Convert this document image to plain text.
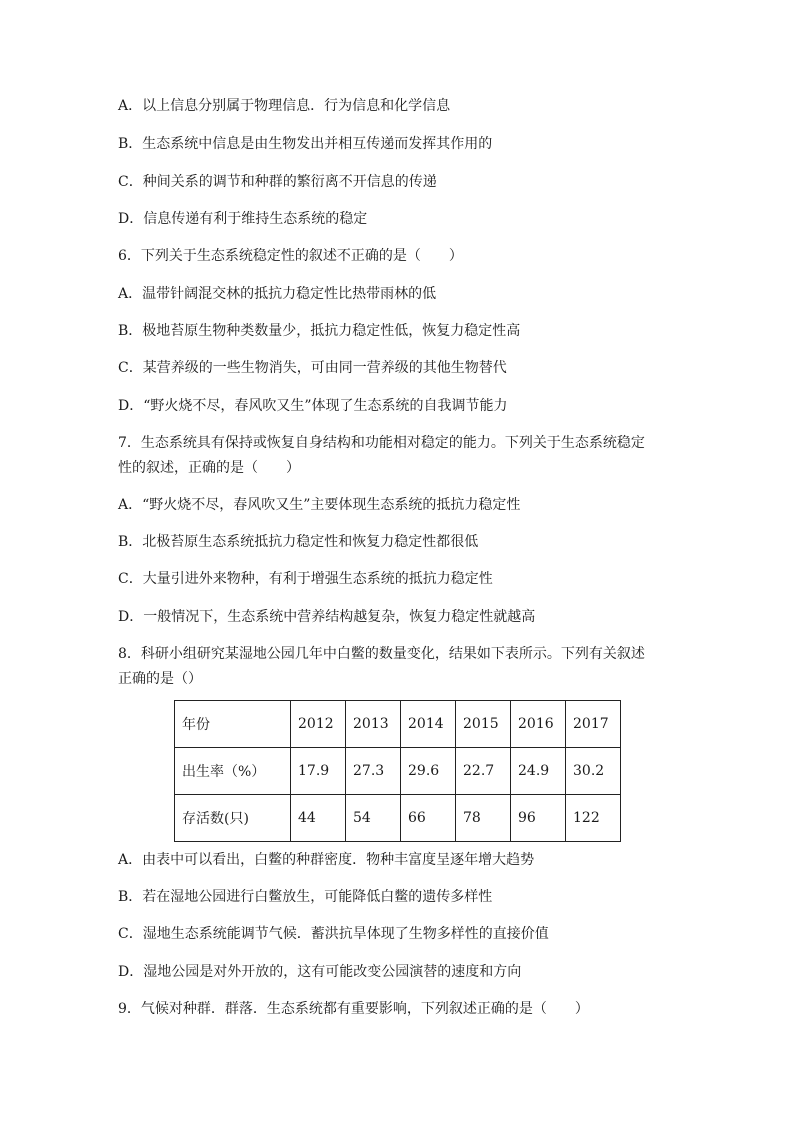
A．以上信息分别属于物理信息．行为信息和化学信息
B．生态系统中信息是由生物发出并相互传递而发挥其作用的
C．种间关系的调节和种群的繁衍离不开信息的传递
D．信息传递有利于维持生态系统的稳定
6．下列关于生态系统稳定性的叙述不正确的是（　　）
A．温带针阔混交林的抵抗力稳定性比热带雨林的低
B．极地苔原生物种类数量少，抵抗力稳定性低，恢复力稳定性高
C．某营养级的一些生物消失，可由同一营养级的其他生物替代
D．“野火烧不尽，春风吹又生”体现了生态系统的自我调节能力
7．生态系统具有保持或恢复自身结构和功能相对稳定的能力。下列关于生态系统稳定
性的叙述，正确的是（　　）
A．“野火烧不尽，春风吹又生”主要体现生态系统的抵抗力稳定性
B．北极苔原生态系统抵抗力稳定性和恢复力稳定性都很低
C．大量引进外来物种，有利于增强生态系统的抵抗力稳定性
D．一般情况下，生态系统中营养结构越复杂，恢复力稳定性就越高
8．科研小组研究某湿地公园几年中白鳖的数量变化，结果如下表所示。下列有关叙述
正确的是（）
年份	2012	2013	2014	2015	2016	2017
出生率（%）	17.9	27.3	29.6	22.7	24.9	30.2
存活数(只)	44	54	66	78	96	122
A．由表中可以看出，白鳖的种群密度．物种丰富度呈逐年增大趋势
B．若在湿地公园进行白鳖放生，可能降低白鳖的遗传多样性
C．湿地生态系统能调节气候．蓄洪抗旱体现了生物多样性的直接价值
D．湿地公园是对外开放的，这有可能改变公园演替的速度和方向
9．气候对种群．群落．生态系统都有重要影响，下列叙述正确的是（　　）
